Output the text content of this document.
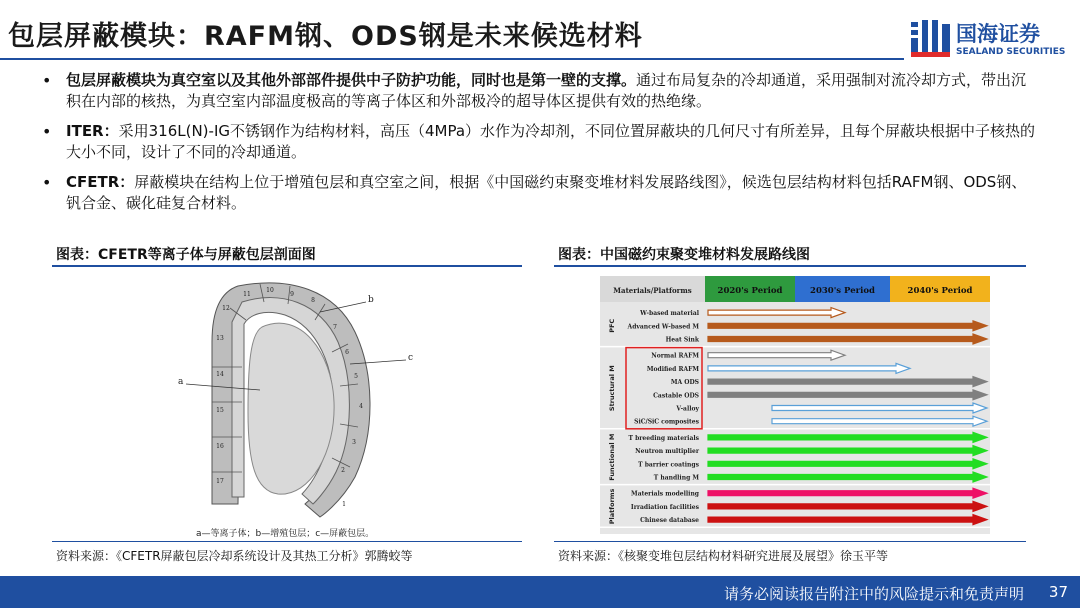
包层屏蔽模块：RAFM钢、ODS钢是未来候选材料	国海证券
SEALAND SECURITIES
• 包层屏蔽模块为真空室以及其他外部部件提供中子防护功能，同时也是第一壁的支撑。通过布局复杂的冷却通道，采用强制对流冷却方式，带出沉积在内部的核热，为真空室内部温度极高的等离子体区和外部极冷的超导体区提供有效的热绝缘。
• ITER：采用316L(N)-IG不锈钢作为结构材料，高压（4MPa）水作为冷却剂，不同位置屏蔽块的几何尺寸有所差异，且每个屏蔽块根据中子核热的大小不同，设计了不同的冷却通道。
• CFETR：屏蔽模块在结构上位于增殖包层和真空室之间，根据《中国磁约束聚变堆材料发展路线图》，候选包层结构材料包括RAFM钢、ODS钢、钒合金、碳化硅复合材料。
图表：CFETR等离子体与屏蔽包层剖面图
1
2
3
4
5
6
7
8
9
10
11
12
13
14
15
16
17
a
b
c
a—等离子体；b—增殖包层；c—屏蔽包层。
资料来源：《CFETR屏蔽包层冷却系统设计及其热工分析》郭腾蛟等
图表：中国磁约束聚变堆材料发展路线图
Materials/Platforms	2020's Period	2030's Period	2040's Period
W-based material
Advanced W-based M
Heat Sink
PFC
Normal RAFM
Modified RAFM
MA ODS
Castable ODS
V-alloy
SiC/SiC composites
Structural M
T breeding materials
Neutron multiplier
T barrier coatings
T handling M
Functional M
Materials modelling
Irradiation facilities
Chinese database
Platforms
资料来源：《核聚变堆包层结构材料研究进展及展望》徐玉平等
请务必阅读报告附注中的风险提示和免责声明 37
